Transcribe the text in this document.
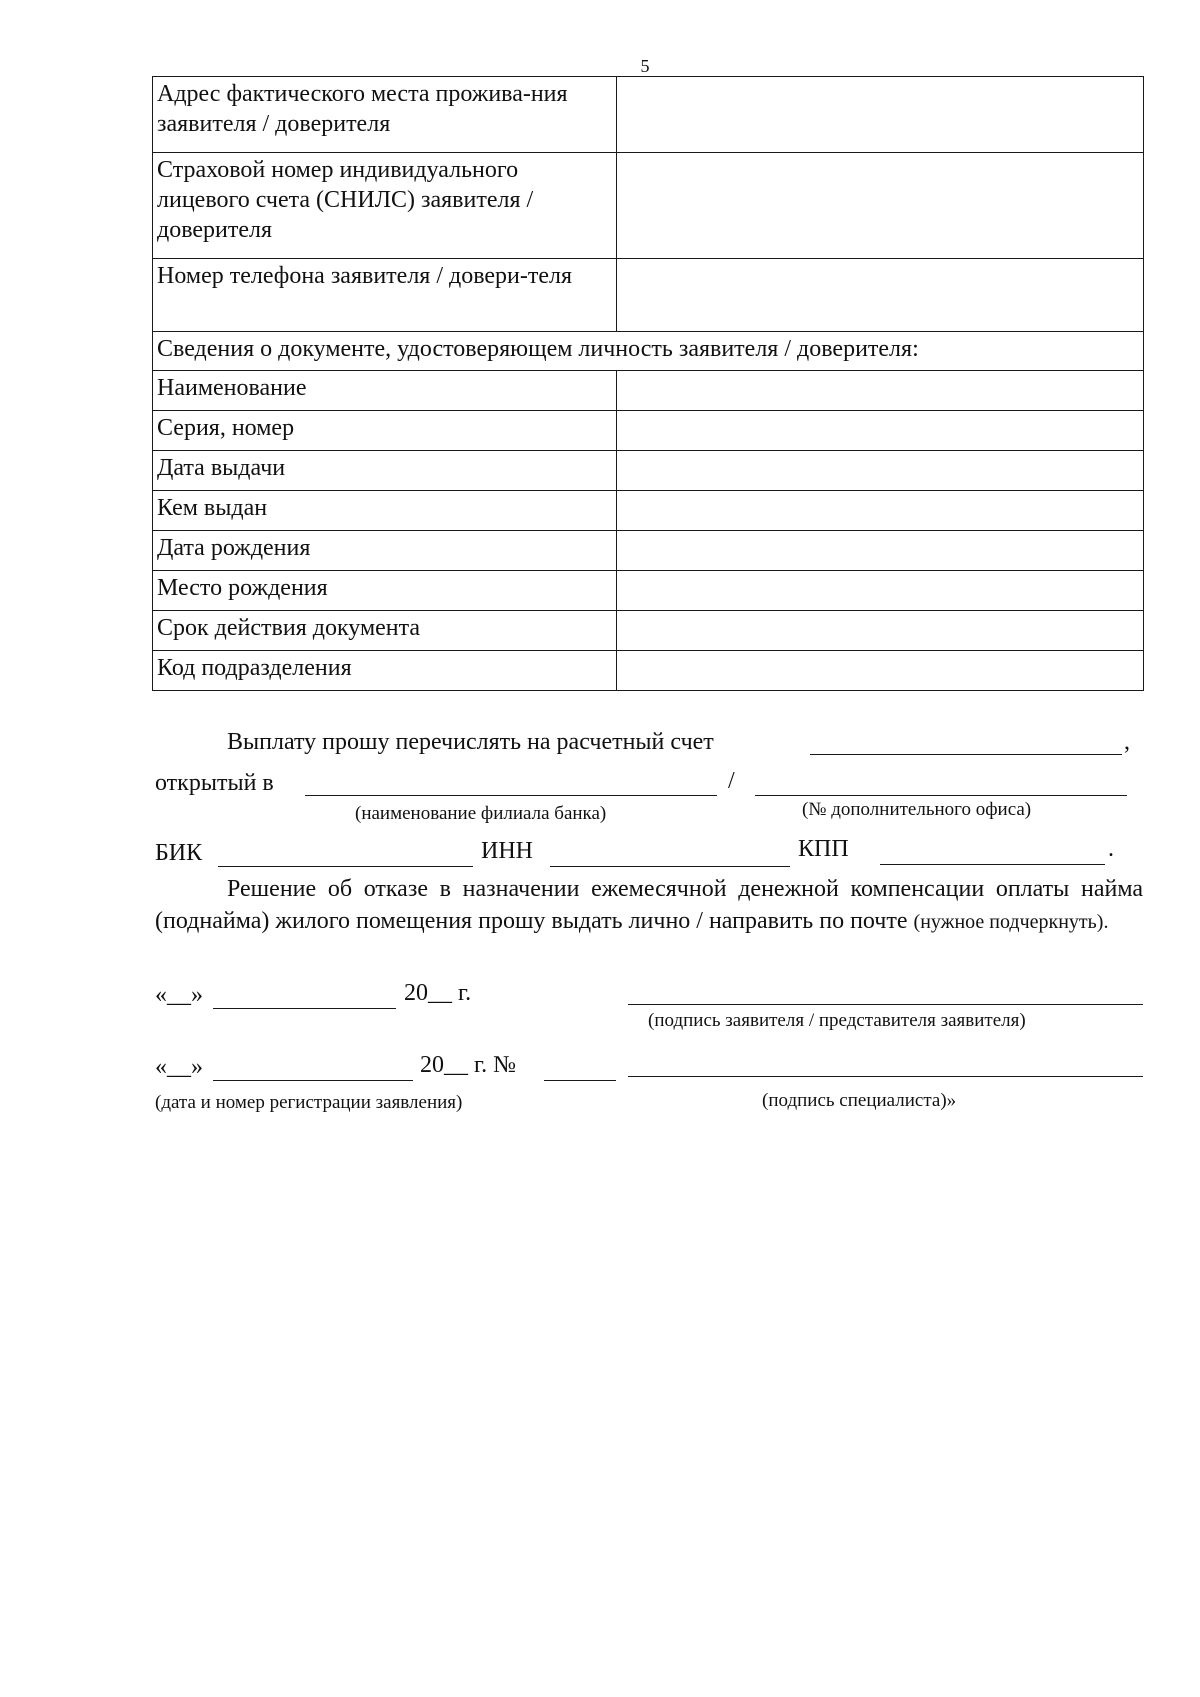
5
Адрес фактического места прожива-ния заявителя / доверителя	
Страховой номер индивидуального лицевого счета (СНИЛС) заявителя / доверителя	
Номер телефона заявителя / довери-теля	
Сведения о документе, удостоверяющем личность заявителя / доверителя:	
Наименование	
Серия, номер	
Дата выдачи	
Кем выдан	
Дата рождения	
Место рождения	
Срок действия документа	
Код подразделения	
Выплату прошу перечислять на расчетный счет	,
открытый в	/
(наименование филиала банка)	(№ дополнительного офиса)
БИК	ИНН	КПП	.
Решение об отказе в назначении ежемесячной денежной компенсации оплаты найма (поднайма) жилого помещения прошу выдать лично / направить по почте (нужное подчеркнуть).
«__»	20__ г.
(подпись заявителя / представителя заявителя)
«__»	20__ г. №
(дата и номер регистрации заявления)	(подпись специалиста)»
